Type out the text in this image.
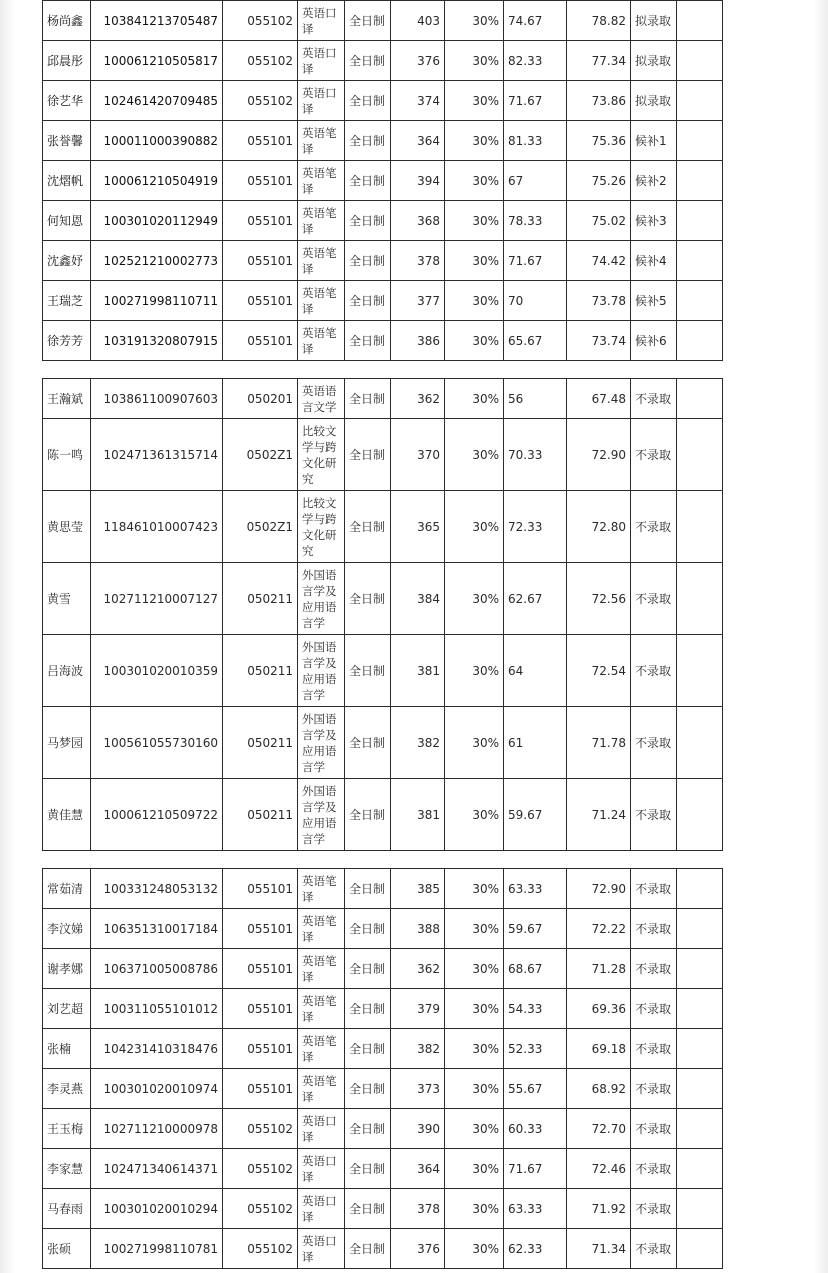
杨尚鑫	103841213705487	055102	英语口译	全日制	403	30%	74.67	78.82	拟录取	
邱晨彤	100061210505817	055102	英语口译	全日制	376	30%	82.33	77.34	拟录取	
徐艺华	102461420709485	055102	英语口译	全日制	374	30%	71.67	73.86	拟录取	
张誉馨	100011000390882	055101	英语笔译	全日制	364	30%	81.33	75.36	候补1	
沈熠帆	100061210504919	055101	英语笔译	全日制	394	30%	67	75.26	候补2	
何知恩	100301020112949	055101	英语笔译	全日制	368	30%	78.33	75.02	候补3	
沈鑫妤	102521210002773	055101	英语笔译	全日制	378	30%	71.67	74.42	候补4	
王瑞芝	100271998110711	055101	英语笔译	全日制	377	30%	70	73.78	候补5	
徐芳芳	103191320807915	055101	英语笔译	全日制	386	30%	65.67	73.74	候补6	
王瀚斌	103861100907603	050201	英语语言文学	全日制	362	30%	56	67.48	不录取	
陈一鸣	102471361315714	0502Z1	比较文学与跨文化研究	全日制	370	30%	70.33	72.90	不录取	
黄思莹	118461010007423	0502Z1	比较文学与跨文化研究	全日制	365	30%	72.33	72.80	不录取	
黄雪	102711210007127	050211	外国语言学及应用语言学	全日制	384	30%	62.67	72.56	不录取	
吕海波	100301020010359	050211	外国语言学及应用语言学	全日制	381	30%	64	72.54	不录取	
马梦园	100561055730160	050211	外国语言学及应用语言学	全日制	382	30%	61	71.78	不录取	
黄佳慧	100061210509722	050211	外国语言学及应用语言学	全日制	381	30%	59.67	71.24	不录取	
常茹清	100331248053132	055101	英语笔译	全日制	385	30%	63.33	72.90	不录取	
李汶娣	106351310017184	055101	英语笔译	全日制	388	30%	59.67	72.22	不录取	
谢孝娜	106371005008786	055101	英语笔译	全日制	362	30%	68.67	71.28	不录取	
刘艺超	100311055101012	055101	英语笔译	全日制	379	30%	54.33	69.36	不录取	
张楠	104231410318476	055101	英语笔译	全日制	382	30%	52.33	69.18	不录取	
李灵燕	100301020010974	055101	英语笔译	全日制	373	30%	55.67	68.92	不录取	
王玉梅	102711210000978	055102	英语口译	全日制	390	30%	60.33	72.70	不录取	
李家慧	102471340614371	055102	英语口译	全日制	364	30%	71.67	72.46	不录取	
马春雨	100301020010294	055102	英语口译	全日制	378	30%	63.33	71.92	不录取	
张硕	100271998110781	055102	英语口译	全日制	376	30%	62.33	71.34	不录取	
